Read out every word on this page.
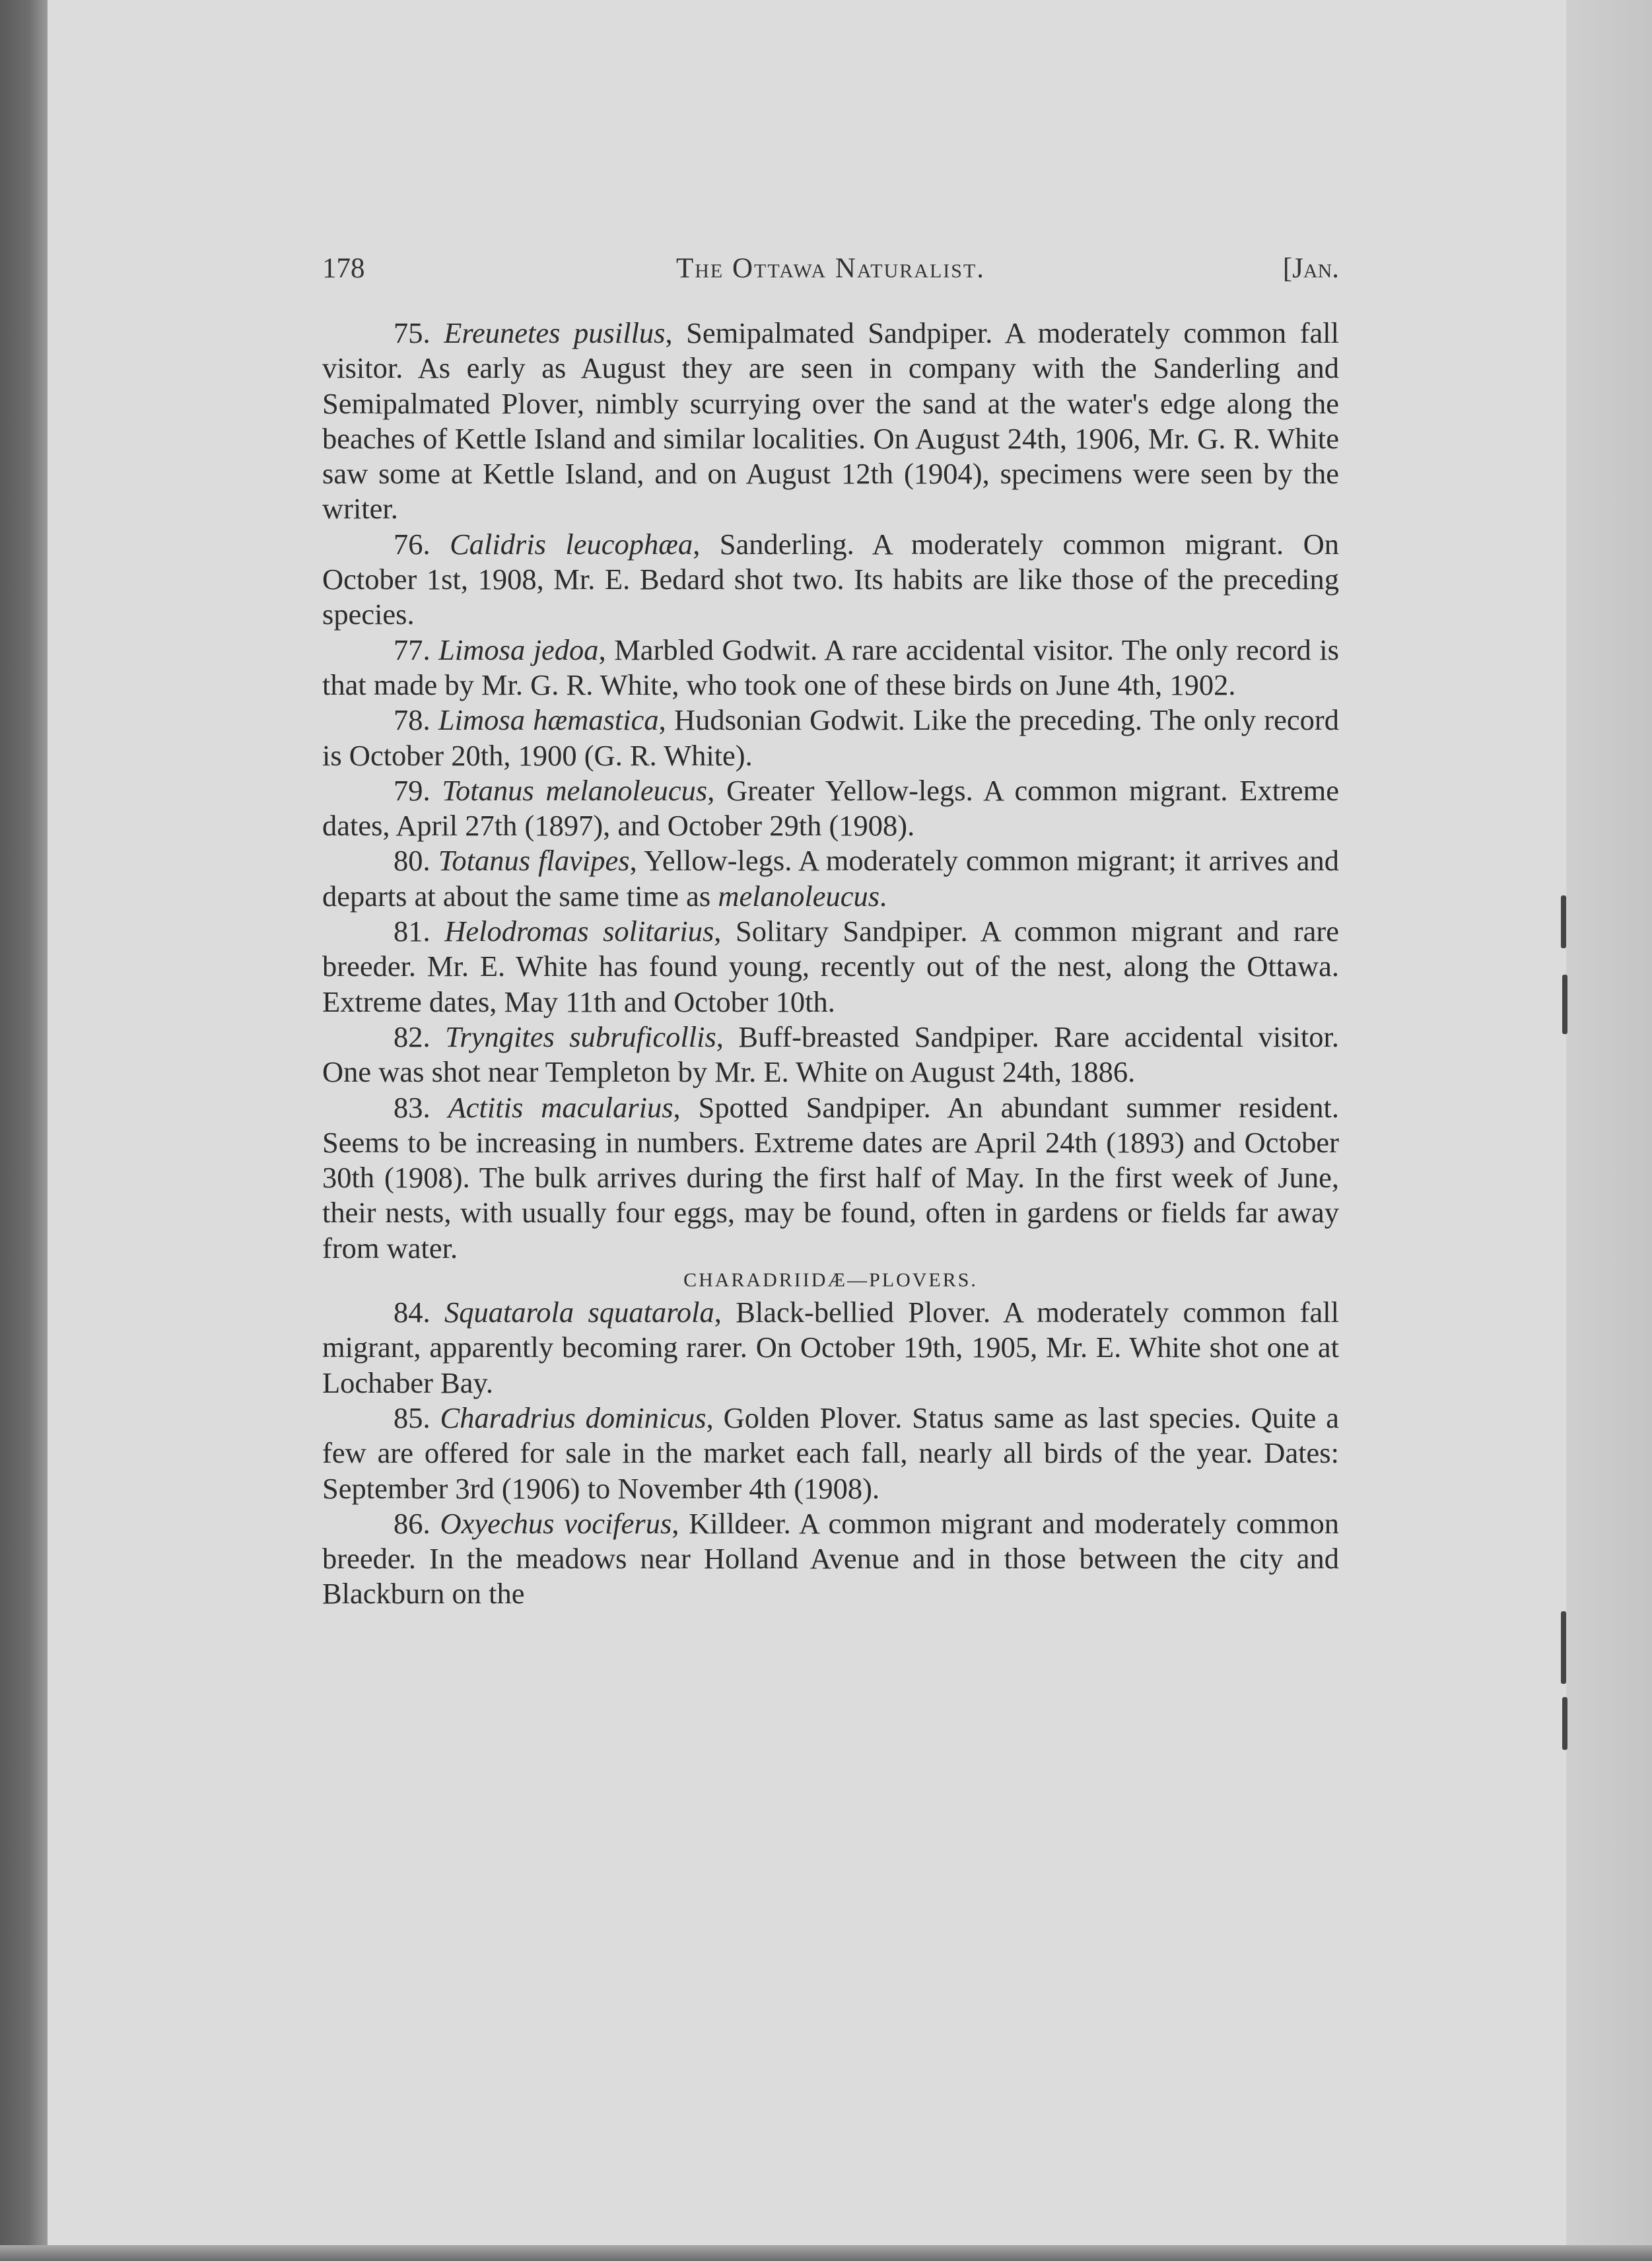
178	The Ottawa Naturalist.	[Jan.

75. Ereunetes pusillus, Semipalmated Sandpiper. A moderately common fall visitor. As early as August they are seen in company with the Sanderling and Semipalmated Plover, nimbly scurrying over the sand at the water's edge along the beaches of Kettle Island and similar localities. On August 24th, 1906, Mr. G. R. White saw some at Kettle Island, and on August 12th (1904), specimens were seen by the writer.

76. Calidris leucophæa, Sanderling. A moderately common migrant. On October 1st, 1908, Mr. E. Bedard shot two. Its habits are like those of the preceding species.

77. Limosa jedoa, Marbled Godwit. A rare accidental visitor. The only record is that made by Mr. G. R. White, who took one of these birds on June 4th, 1902.

78. Limosa hæmastica, Hudsonian Godwit. Like the preceding. The only record is October 20th, 1900 (G. R. White).

79. Totanus melanoleucus, Greater Yellow-legs. A common migrant. Extreme dates, April 27th (1897), and October 29th (1908).

80. Totanus flavipes, Yellow-legs. A moderately common migrant; it arrives and departs at about the same time as melanoleucus.

81. Helodromas solitarius, Solitary Sandpiper. A common migrant and rare breeder. Mr. E. White has found young, recently out of the nest, along the Ottawa. Extreme dates, May 11th and October 10th.

82. Tryngites subruficollis, Buff-breasted Sandpiper. Rare accidental visitor. One was shot near Templeton by Mr. E. White on August 24th, 1886.

83. Actitis macularius, Spotted Sandpiper. An abundant summer resident. Seems to be increasing in numbers. Extreme dates are April 24th (1893) and October 30th (1908). The bulk arrives during the first half of May. In the first week of June, their nests, with usually four eggs, may be found, often in gardens or fields far away from water.

CHARADRIIDÆ—PLOVERS.

84. Squatarola squatarola, Black-bellied Plover. A moderately common fall migrant, apparently becoming rarer. On October 19th, 1905, Mr. E. White shot one at Lochaber Bay.

85. Charadrius dominicus, Golden Plover. Status same as last species. Quite a few are offered for sale in the market each fall, nearly all birds of the year. Dates: September 3rd (1906) to November 4th (1908).

86. Oxyechus vociferus, Killdeer. A common migrant and moderately common breeder. In the meadows near Holland Avenue and in those between the city and Blackburn on the
